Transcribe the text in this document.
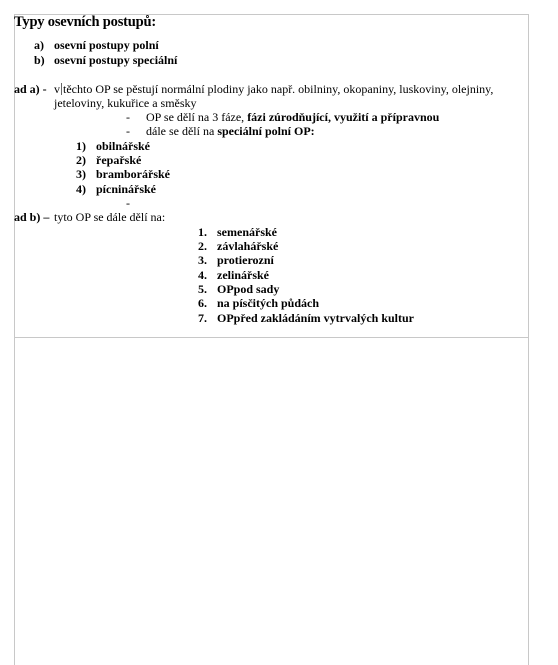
Typy osevních postupů:
a) osevní postupy polní
b) osevní postupy speciální
ad a) - v těchto OP se pěstují normální plodiny jako např. obilniny, okopaniny, luskoviny, olejniny,
jeteloviny, kukuřice a směsky
- OP se dělí na 3 fáze, fázi zúrodňující, využití a přípravnou
- dále se dělí na speciální polní OP:
1) obilnářské
2) řepařské
3) bramborářské
4) pícninářské
-
ad b) – tyto OP se dále dělí na:
1. semenářské
2. závlahářské
3. protierozní
4. zelinářské
5. OPpod sady
6. na písčitých půdách
7. OPpřed zakládáním vytrvalých kultur
